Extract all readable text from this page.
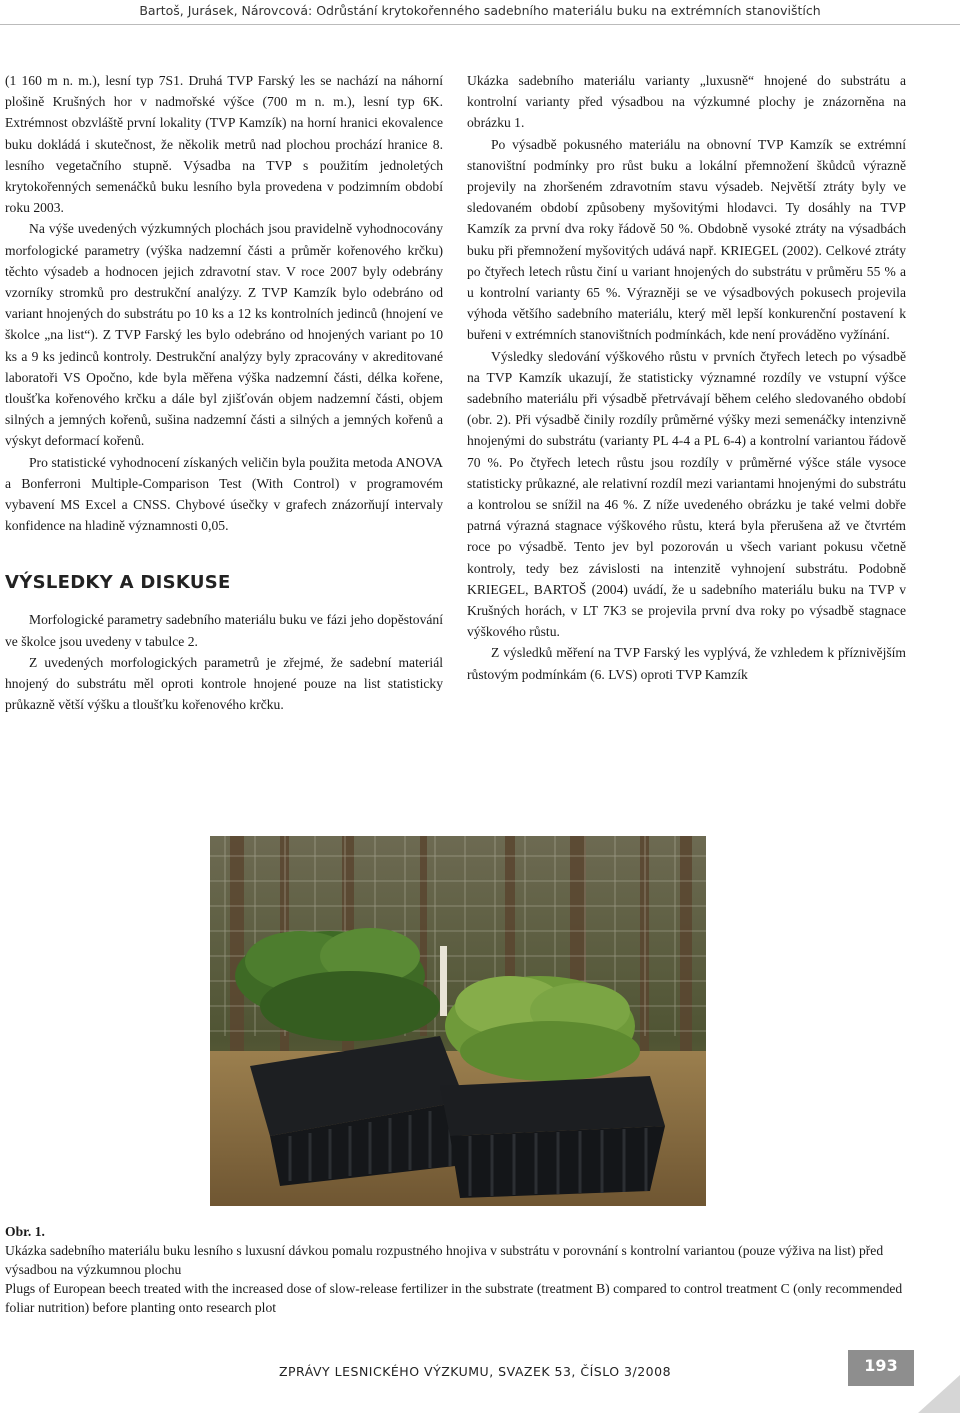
Bartoš, Jurásek, Nárovcová: Odrůstání krytokořenného sadebního materiálu buku na extrémních stanovištích

(1 160 m n. m.), lesní typ 7S1. Druhá TVP Farský les se nachází na náhorní plošině Krušných hor v nadmořské výšce (700 m n. m.), lesní typ 6K. Extrémnost obzvláště první lokality (TVP Kamzík) na horní hranici ekovalence buku dokládá i skutečnost, že několik metrů nad plochou prochází hranice 8. lesního vegetačního stupně. Výsadba na TVP s použitím jednoletých krytokořenných semenáčků buku lesního byla provedena v podzimním období roku 2003.

Na výše uvedených výzkumných plochách jsou pravidelně vyhodnocovány morfologické parametry (výška nadzemní části a průměr kořenového krčku) těchto výsadeb a hodnocen jejich zdravotní stav. V roce 2007 byly odebrány vzorníky stromků pro destrukční analýzy. Z TVP Kamzík bylo odebráno od variant hnojených do substrátu po 10 ks a 12 ks kontrolních jedinců (hnojení ve školce „na list“). Z TVP Farský les bylo odebráno od hnojených variant po 10 ks a 9 ks jedinců kontroly. Destrukční analýzy byly zpracovány v akreditované laboratoři VS Opočno, kde byla měřena výška nadzemní části, délka kořene, tloušťka kořenového krčku a dále byl zjišťován objem nadzemní části, objem silných a jemných kořenů, sušina nadzemní části a silných a jemných kořenů a výskyt deformací kořenů.

Pro statistické vyhodnocení získaných veličin byla použita metoda ANOVA a Bonferroni Multiple-Comparison Test (With Control) v programovém vybavení MS Excel a CNSS. Chybové úsečky v grafech znázorňují intervaly konfidence na hladině významnosti 0,05.

VÝSLEDKY A DISKUSE

Morfologické parametry sadebního materiálu buku ve fázi jeho dopěstování ve školce jsou uvedeny v tabulce 2.

Z uvedených morfologických parametrů je zřejmé, že sadební materiál hnojený do substrátu měl oproti kontrole hnojené pouze na list statisticky průkazně větší výšku a tloušťku kořenového krčku.

Ukázka sadebního materiálu varianty „luxusně“ hnojené do substrátu a kontrolní varianty před výsadbou na výzkumné plochy je znázorněna na obrázku 1.

Po výsadbě pokusného materiálu na obnovní TVP Kamzík se extrémní stanovištní podmínky pro růst buku a lokální přemnožení škůdců výrazně projevily na zhoršeném zdravotním stavu výsadeb. Největší ztráty byly ve sledovaném období způsobeny myšovitými hlodavci. Ty dosáhly na TVP Kamzík za první dva roky řádově 50 %. Obdobně vysoké ztráty na výsadbách buku při přemnožení myšovitých udává např. KRIEGEL (2002). Celkové ztráty po čtyřech letech růstu činí u variant hnojených do substrátu v průměru 55 % a u kontrolní varianty 65 %. Výrazněji se ve výsadbových pokusech projevila výhoda většího sadebního materiálu, který měl lepší konkurenční postavení k buřeni v extrémních stanovištních podmínkách, kde není prováděno vyžínání.

Výsledky sledování výškového růstu v prvních čtyřech letech po výsadbě na TVP Kamzík ukazují, že statisticky významné rozdíly ve vstupní výšce sadebního materiálu při výsadbě přetrvávají během celého sledovaného období (obr. 2). Při výsadbě činily rozdíly průměrné výšky mezi semenáčky intenzivně hnojenými do substrátu (varianty PL 4-4 a PL 6-4) a kontrolní variantou řádově 70 %. Po čtyřech letech růstu jsou rozdíly v průměrné výšce stále vysoce statisticky průkazné, ale relativní rozdíl mezi variantami hnojenými do substrátu a kontrolou se snížil na 46 %. Z níže uvedeného obrázku je také velmi dobře patrná výrazná stagnace výškového růstu, která byla přerušena až ve čtvrtém roce po výsadbě. Tento jev byl pozorován u všech variant pokusu včetně kontroly, tedy bez závislosti na intenzitě vyhnojení substrátu. Podobně KRIEGEL, BARTOŠ (2004) uvádí, že u sadebního materiálu buku na TVP v Krušných horách, v LT 7K3 se projevila první dva roky po výsadbě stagnace výškového růstu.

Z výsledků měření na TVP Farský les vyplývá, že vzhledem k příznivějším růstovým podmínkám (6. LVS) oproti TVP Kamzík

Obr. 1.

Ukázka sadebního materiálu buku lesního s luxusní dávkou pomalu rozpustného hnojiva v substrátu v porovnání s kontrolní variantou (pouze výživa na list) před výsadbou na výzkumnou plochu

Plugs of European beech treated with the increased dose of slow-release fertilizer in the substrate (treatment B) compared to control treatment C (only recommended foliar nutrition) before planting onto research plot

ZPRÁVY LESNICKÉHO VÝZKUMU, SVAZEK 53, ČÍSLO 3/2008	193
